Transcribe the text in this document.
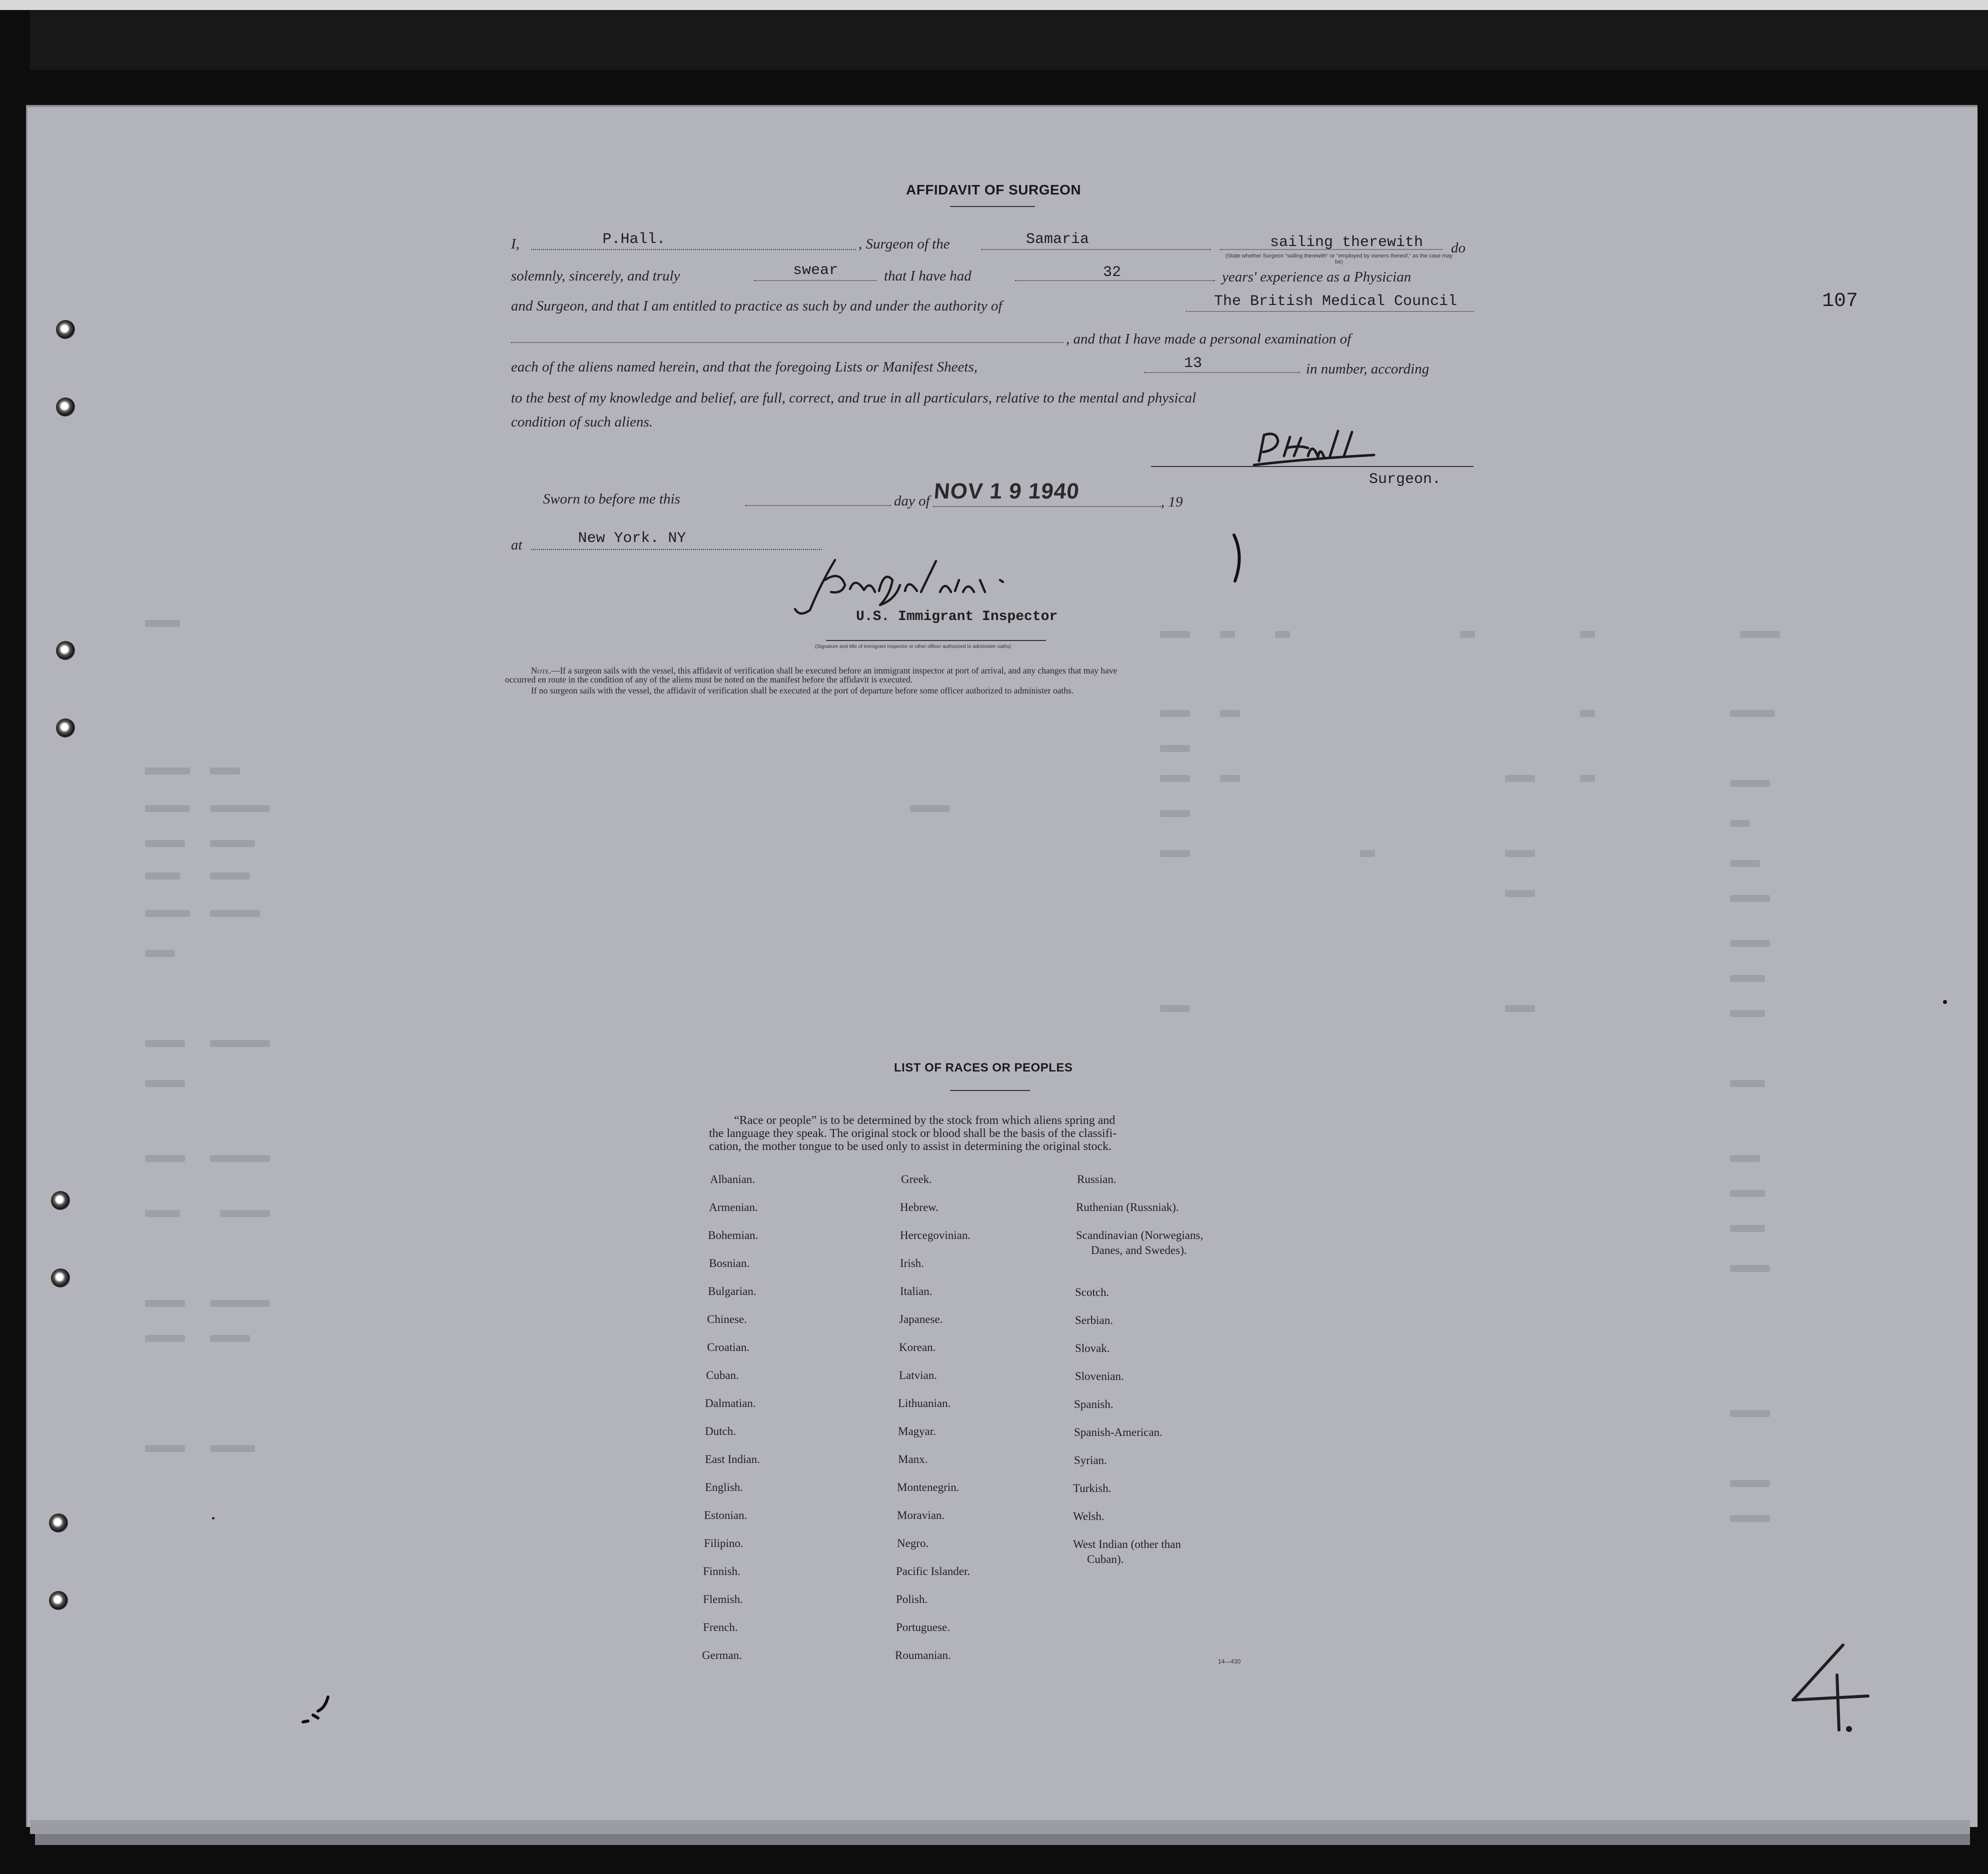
107
AFFIDAVIT OF SURGEON
I,	P.Hall.	, Surgeon of the	Samaria	sailing therewith do
(State whether Surgeon "sailing therewith" or "employed by owners thereof," as the case may be)
solemnly, sincerely, and truly	swear	that I have had	32	years' experience as a Physician
and Surgeon, and that I am entitled to practice as such by and under the authority of	The British Medical Council
, and that I have made a personal examination of
each of the aliens named herein, and that the foregoing Lists or Manifest Sheets,	13	in number, according
to the best of my knowledge and belief, are full, correct, and true in all particulars, relative to the mental and physical
condition of such aliens.
Surgeon.
Sworn to before me this	day of NOV 1 9 1940	, 19
at	New York. NY
U.S. Immigrant Inspector
(Signature and title of immigrant inspector or other officer authorized to administer oaths)
Note.—If a surgeon sails with the vessel, this affidavit of verification shall be executed before an immigrant inspector at port of arrival, and any changes that may have
occurred en route in the condition of any of the aliens must be noted on the manifest before the affidavit is executed.
If no surgeon sails with the vessel, the affidavit of verification shall be executed at the port of departure before some officer authorized to administer oaths.
LIST OF RACES OR PEOPLES
“Race or people” is to be determined by the stock from which aliens spring and
the language they speak. The original stock or blood shall be the basis of the classifi-
cation, the mother tongue to be used only to assist in determining the original stock.
Albanian.
Armenian.
Bohemian.
Bosnian.
Bulgarian.
Chinese.
Croatian.
Cuban.
Dalmatian.
Dutch.
East Indian.
English.
Estonian.
Filipino.
Finnish.
Flemish.
French.
German.
Greek.
Hebrew.
Hercegovinian.
Irish.
Italian.
Japanese.
Korean.
Latvian.
Lithuanian.
Magyar.
Manx.
Montenegrin.
Moravian.
Negro.
Pacific Islander.
Polish.
Portuguese.
Roumanian.
Russian.
Ruthenian (Russniak).
Scandinavian (Norwegians,
Danes, and Swedes).
Scotch.
Serbian.
Slovak.
Slovenian.
Spanish.
Spanish-American.
Syrian.
Turkish.
Welsh.
West Indian (other than
Cuban).
14—430
